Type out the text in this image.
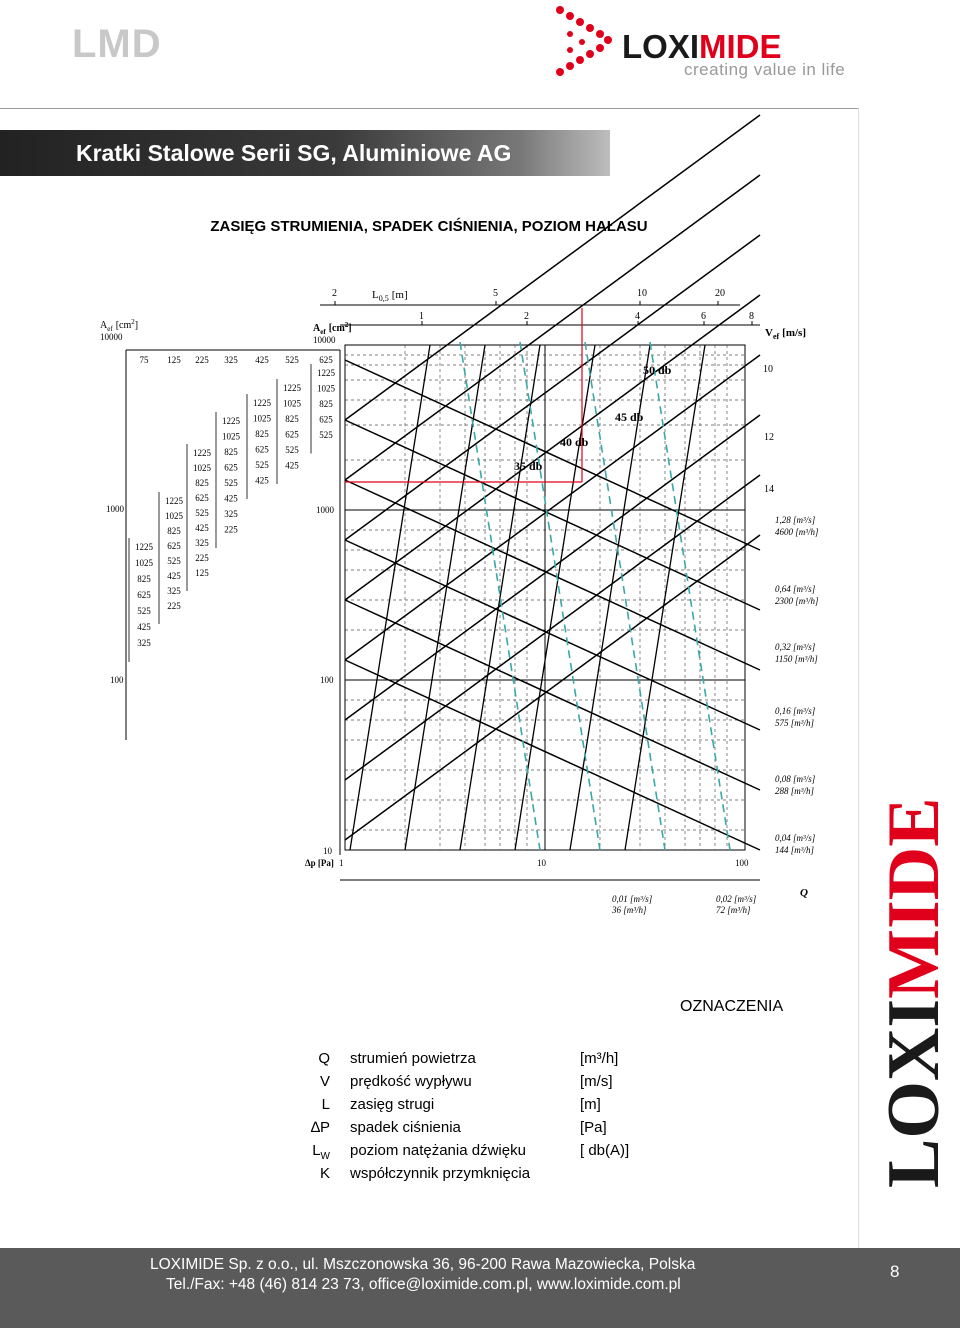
LMD	LOXIMIDE
creating value in life
Kratki Stalowe Serii SG, Aluminiowe AG
ZASIĘG STRUMIENIA, SPADEK CIŚNIENIA, POZIOM HAŁASU
2	5	10	20
$L_{0,5}$ [m]
1	2	4	6	8
$V_{ef}$ [m/s]
$A_{ef}$ $[cm^2]$
10000
$A_{ef}$ $[cm^2]$
10000
1000	1000
100	100
75 125 225 325 425 525 625
1225
1025
825
625
525
425
325
1225
1025
825
625
525
425
325
225
1225
1025
825
625
525
425
325
225
125
1225
1025
825
625
525
425
325
225
1225
1025
825
625
525
425
1225
1025
825
625
525
425
1225
1025
825
625
525
50 db
45 db
40 db
35 db
10
12
14
1,28 [m³/s]
4600 [m³/h]
0,64 [m³/s]
2300 [m³/h]
0,32 [m³/s]
1150 [m³/h]
0,16 [m³/s]
575 [m³/h]
0,08 [m³/s]
288 [m³/h]
0,04 [m³/s]
144 [m³/h]
0,01 [m³/s]
36 [m³/h]
0,02 [m³/s]
72 [m³/h]
Δp [Pa]
10
1	10	100
Q
LOXIMIDE
OZNACZENIA
Q strumień powietrza	[m³/h]
V prędkość wypływu	[m/s]
L zasięg strugi	[m]
∆P spadek ciśnienia	[Pa]
$L_W$ poziom natężania dźwięku	[ db(A)]
K współczynnik przymknięcia
LOXIMIDE Sp. z o.o., ul. Mszczonowska 36, 96-200 Rawa Mazowiecka, Polska
Tel./Fax: +48 (46) 814 23 73, office@loximide.com.pl, www.loximide.com.pl
8
